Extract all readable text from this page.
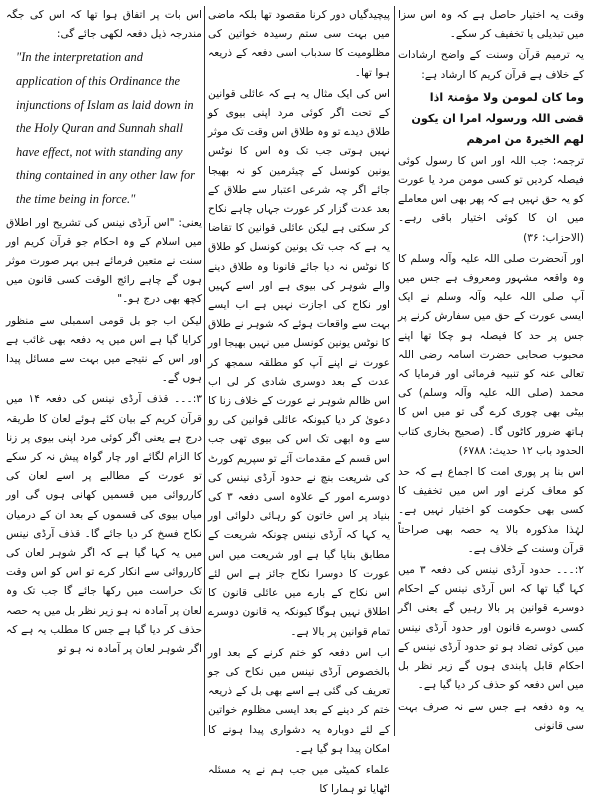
وقت یہ اختیار حاصل ہے کہ وہ اس سزا میں تبدیلی یا تخفیف کر سکے۔

یہ ترمیم قرآن وسنت کے واضح ارشادات کے خلاف ہے قرآن کریم کا ارشاد ہے:

وما کان لمومن ولا مؤمنۃ اذا قضی اللہ ورسولہ امرا ان یکون لھم الخیرۃ من امرھم

ترجمہ: جب اللہ اور اس کا رسول کوئی فیصلہ کردیں تو کسی مومن مرد یا عورت کو یہ حق نہیں ہے کہ پھر بھی اس معاملے میں ان کا کوئی اختیار باقی رہے۔ (الاحزاب: ۳۶)

اور آنحضرت صلی اللہ علیہ وآلہ وسلم کا وہ واقعہ مشہور ومعروف ہے جس میں آپ صلی اللہ علیہ وآلہ وسلم نے ایک ایسی عورت کے حق میں سفارش کرنے پر جس پر حد کا فیصلہ ہو چکا تھا اپنے محبوب صحابی حضرت اسامہ رضی اللہ تعالی عنہ کو تنبیہ فرمائی اور فرمایا کہ محمد (صلی اللہ علیہ وآلہ وسلم) کی بیٹی بھی چوری کرے گی تو میں اس کا ہاتھ ضرور کاٹوں گا۔ (صحیح بخاری کتاب الحدود باب ۱۲ حدیث: ۶۷۸۸)

اس بنا پر پوری امت کا اجماع ہے کہ حد کو معاف کرنے اور اس میں تخفیف کا کسی بھی حکومت کو اختیار نہیں ہے۔ لہٰذا مذکورہ بالا یہ حصہ بھی صراحتاً قرآن وسنت کے خلاف ہے۔

۲:۔۔۔ حدود آرڈی نینس کی دفعہ ۳ میں کہا گیا تھا کہ اس آرڈی نینس کے احکام دوسرے قوانین پر بالا رہیں گے یعنی اگر کسی دوسرے قانون اور حدود آرڈی نینس میں کوئی تضاد ہو تو حدود آرڈی نینس کے احکام قابل پابندی ہوں گے زیر نظر بل میں اس دفعہ کو حذف کر دیا گیا ہے۔

یہ وہ دفعہ ہے جس سے نہ صرف بہت سی قانونی

پیچیدگیاں دور کرنا مقصود تھا بلکہ ماضی میں بہت سی ستم رسیدہ خواتین کی مظلومیت کا سدباب اسی دفعہ کے ذریعہ ہوا تھا۔

اس کی ایک مثال یہ ہے کہ عائلی قوانین کے تحت اگر کوئی مرد اپنی بیوی کو طلاق دیدے تو وہ طلاق اس وقت تک موثر نہیں ہوتی جب تک وہ اس کا نوٹس یونین کونسل کے چیئرمین کو نہ بھیجا جائے اگر چہ شرعی اعتبار سے طلاق کے بعد عدت گزار کر عورت جہاں چاہے نکاح کر سکتی ہے لیکن عائلی قوانین کا تقاضا یہ ہے کہ جب تک یونین کونسل کو طلاق کا نوٹس نہ دیا جائے قانونا وہ طلاق دینے والے شوہر کی بیوی ہے اور اسے کہیں اور نکاح کی اجازت نہیں ہے اب ایسے بہت سے واقعات ہوئے کہ شوہر نے طلاق کا نوٹس یونین کونسل میں نہیں بھیجا اور عورت نے اپنے آپ کو مطلقہ سمجھ کر عدت کے بعد دوسری شادی کر لی اب اس ظالم شوہر نے عورت کے خلاف زنا کا دعویٰ کر دیا کیونکہ عائلی قوانین کی رو سے وہ ابھی تک اس کی بیوی تھی جب اس قسم کے مقدمات آئے تو سپریم کورٹ کی شریعت بنچ نے حدود آرڈی نینس کی دوسرے امور کے علاوہ اسی دفعہ ۳ کی بنیاد پر اس خاتون کو رہائی دلوائی اور یہ کہا کہ آرڈی نینس چونکہ شریعت کے مطابق بنایا گیا ہے اور شریعت میں اس عورت کا دوسرا نکاح جائز ہے اس لئے اس نکاح کے بارے میں عائلی قانون کا اطلاق نہیں ہوگا کیونکہ یہ قانون دوسرے تمام قوانین پر بالا ہے۔

اب اس دفعہ کو ختم کرنے کے بعد اور بالخصوص آرڈی نینس میں نکاح کی جو تعریف کی گئی ہے اسے بھی بل کے ذریعہ ختم کر دینے کے بعد ایسی مظلوم خواتین کے لئے دوبارہ یہ دشواری پیدا ہونے کا امکان پیدا ہو گیا ہے۔

علماء کمیٹی میں جب ہم نے یہ مسئلہ اٹھایا تو ہمارا کا

اس بات پر اتفاق ہوا تھا کہ اس کی جگہ مندرجہ ذیل دفعہ لکھی جائے گی:

"In the interpretation and application of this Ordinance the injunctions of Islam as laid down in the Holy Quran and Sunnah shall have effect, not with standing any thing contained in any other law for the time being in force."

یعنی: "اس آرڈی نینس کی تشریح اور اطلاق میں اسلام کے وہ احکام جو قرآن کریم اور سنت نے متعین فرمائے ہیں بہر صورت موثر ہوں گے چاہے رائج الوقت کسی قانون میں کچھ بھی درج ہو۔"

لیکن اب جو بل قومی اسمبلی سے منظور کرایا گیا ہے اس میں یہ دفعہ بھی غائب ہے اور اس کے نتیجے میں بہت سے مسائل پیدا ہوں گے۔

۳:۔۔۔ قذف آرڈی نینس کی دفعہ ۱۴ میں قرآن کریم کے بیان کئے ہوئے لعان کا طریقہ درج ہے یعنی اگر کوئی مرد اپنی بیوی پر زنا کا الزام لگائے اور چار گواہ پیش نہ کر سکے تو عورت کے مطالبے پر اسے لعان کی کارروائی میں قسمیں کھانی ہوں گی اور میاں بیوی کی قسموں کے بعد ان کے درمیان نکاح فسخ کر دیا جائے گا۔ قذف آرڈی نینس میں یہ کہا گیا ہے کہ اگر شوہر لعان کی کارروائی سے انکار کرے تو اس کو اس وقت تک حراست میں رکھا جائے گا جب تک وہ لعان پر آمادہ نہ ہو زیر نظر بل میں یہ حصہ حذف کر دیا گیا ہے جس کا مطلب یہ ہے کہ اگر شوہر لعان پر آمادہ نہ ہو تو
